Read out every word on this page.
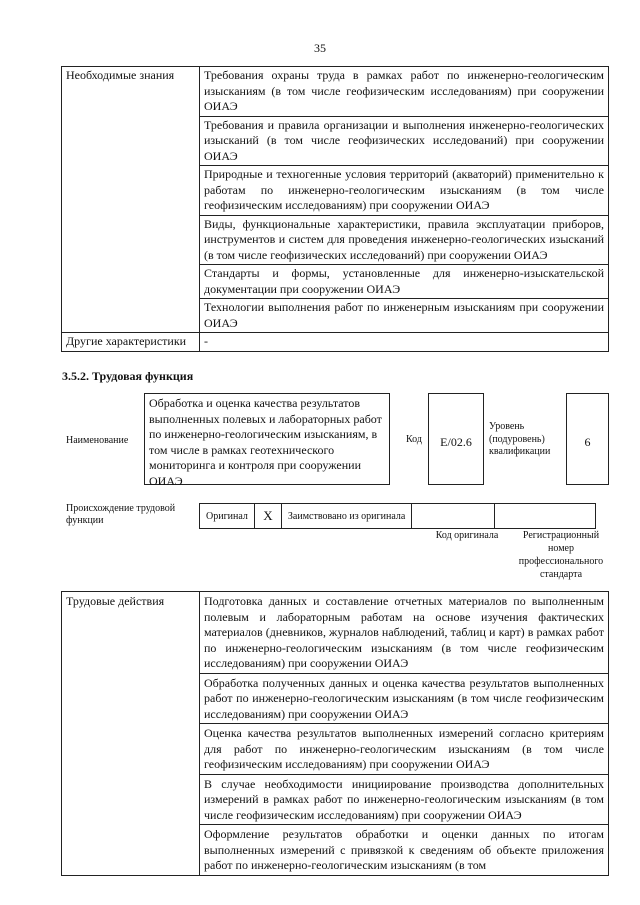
35
Необходимые знания	Требования охраны труда в рамках работ по инженерно-геологическим изысканиям (в том числе геофизическим исследованиям) при сооружении ОИАЭ
	Требования и правила организации и выполнения инженерно-геологических изысканий (в том числе геофизических исследований) при сооружении ОИАЭ
	Природные и техногенные условия территорий (акваторий) применительно к работам по инженерно-геологическим изысканиям (в том числе геофизическим исследованиям) при сооружении ОИАЭ
	Виды, функциональные характеристики, правила эксплуатации приборов, инструментов и систем для проведения инженерно-геологических изысканий (в том числе геофизических исследований) при сооружении ОИАЭ
	Стандарты и формы, установленные для инженерно-изыскательской документации при сооружении ОИАЭ
	Технологии выполнения работ по инженерным изысканиям при сооружении ОИАЭ
Другие характеристики	-
3.5.2. Трудовая функция
Наименование
Обработка и оценка качества результатов выполненных полевых и лабораторных работ по инженерно-геологическим изысканиям, в том числе в рамках геотехнического мониторинга и контроля при сооружении ОИАЭ
Код	E/02.6
Уровень (подуровень) квалификации
6
Происхождение трудовой функции	Оригинал	X	Заимствовано из оригинала		
Код оригинала	Регистрационный номер профессионального стандарта
Трудовые действия	Подготовка данных и составление отчетных материалов по выполненным полевым и лабораторным работам на основе изучения фактических материалов (дневников, журналов наблюдений, таблиц и карт) в рамках работ по инженерно-геологическим изысканиям (в том числе геофизическим исследованиям) при сооружении ОИАЭ
Обработка полученных данных и оценка качества результатов выполненных работ по инженерно-геологическим изысканиям (в том числе геофизическим исследованиям) при сооружении ОИАЭ
Оценка качества результатов выполненных измерений согласно критериям для работ по инженерно-геологическим изысканиям (в том числе геофизическим исследованиям) при сооружении ОИАЭ
В случае необходимости инициирование производства дополнительных измерений в рамках работ по инженерно-геологическим изысканиям (в том числе геофизическим исследованиям) при сооружении ОИАЭ
Оформление результатов обработки и оценки данных по итогам выполненных измерений с привязкой к сведениям об объекте приложения работ по инженерно-геологическим изысканиям (в том
